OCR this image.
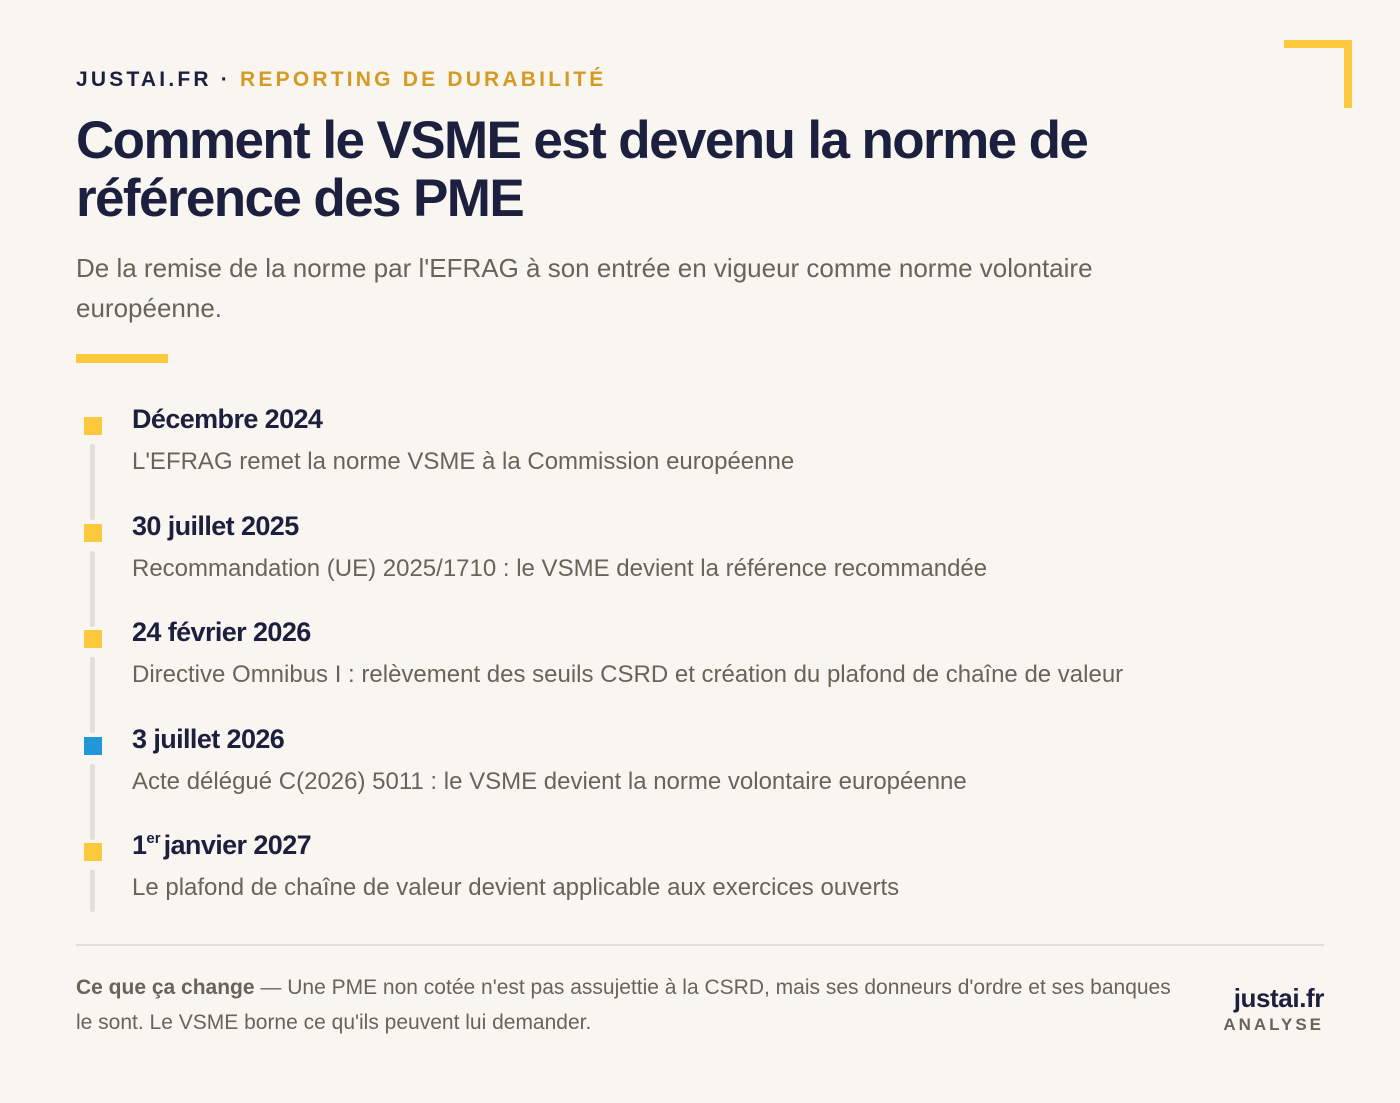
JUSTAI.FR · REPORTING DE DURABILITÉ
Comment le VSME est devenu la norme de référence des PME

De la remise de la norme par l'EFRAG à son entrée en vigueur comme norme volontaire européenne.

Décembre 2024
L'EFRAG remet la norme VSME à la Commission européenne
30 juillet 2025
Recommandation (UE) 2025/1710 : le VSME devient la référence recommandée
24 février 2026
Directive Omnibus I : relèvement des seuils CSRD et création du plafond de chaîne de valeur
3 juillet 2026
Acte délégué C(2026) 5011 : le VSME devient la norme volontaire européenne
1er janvier 2027
Le plafond de chaîne de valeur devient applicable aux exercices ouverts

Ce que ça change — Une PME non cotée n'est pas assujettie à la CSRD, mais ses donneurs d'ordre et ses banques le sont. Le VSME borne ce qu'ils peuvent lui demander.

justai.fr
ANALYSE
